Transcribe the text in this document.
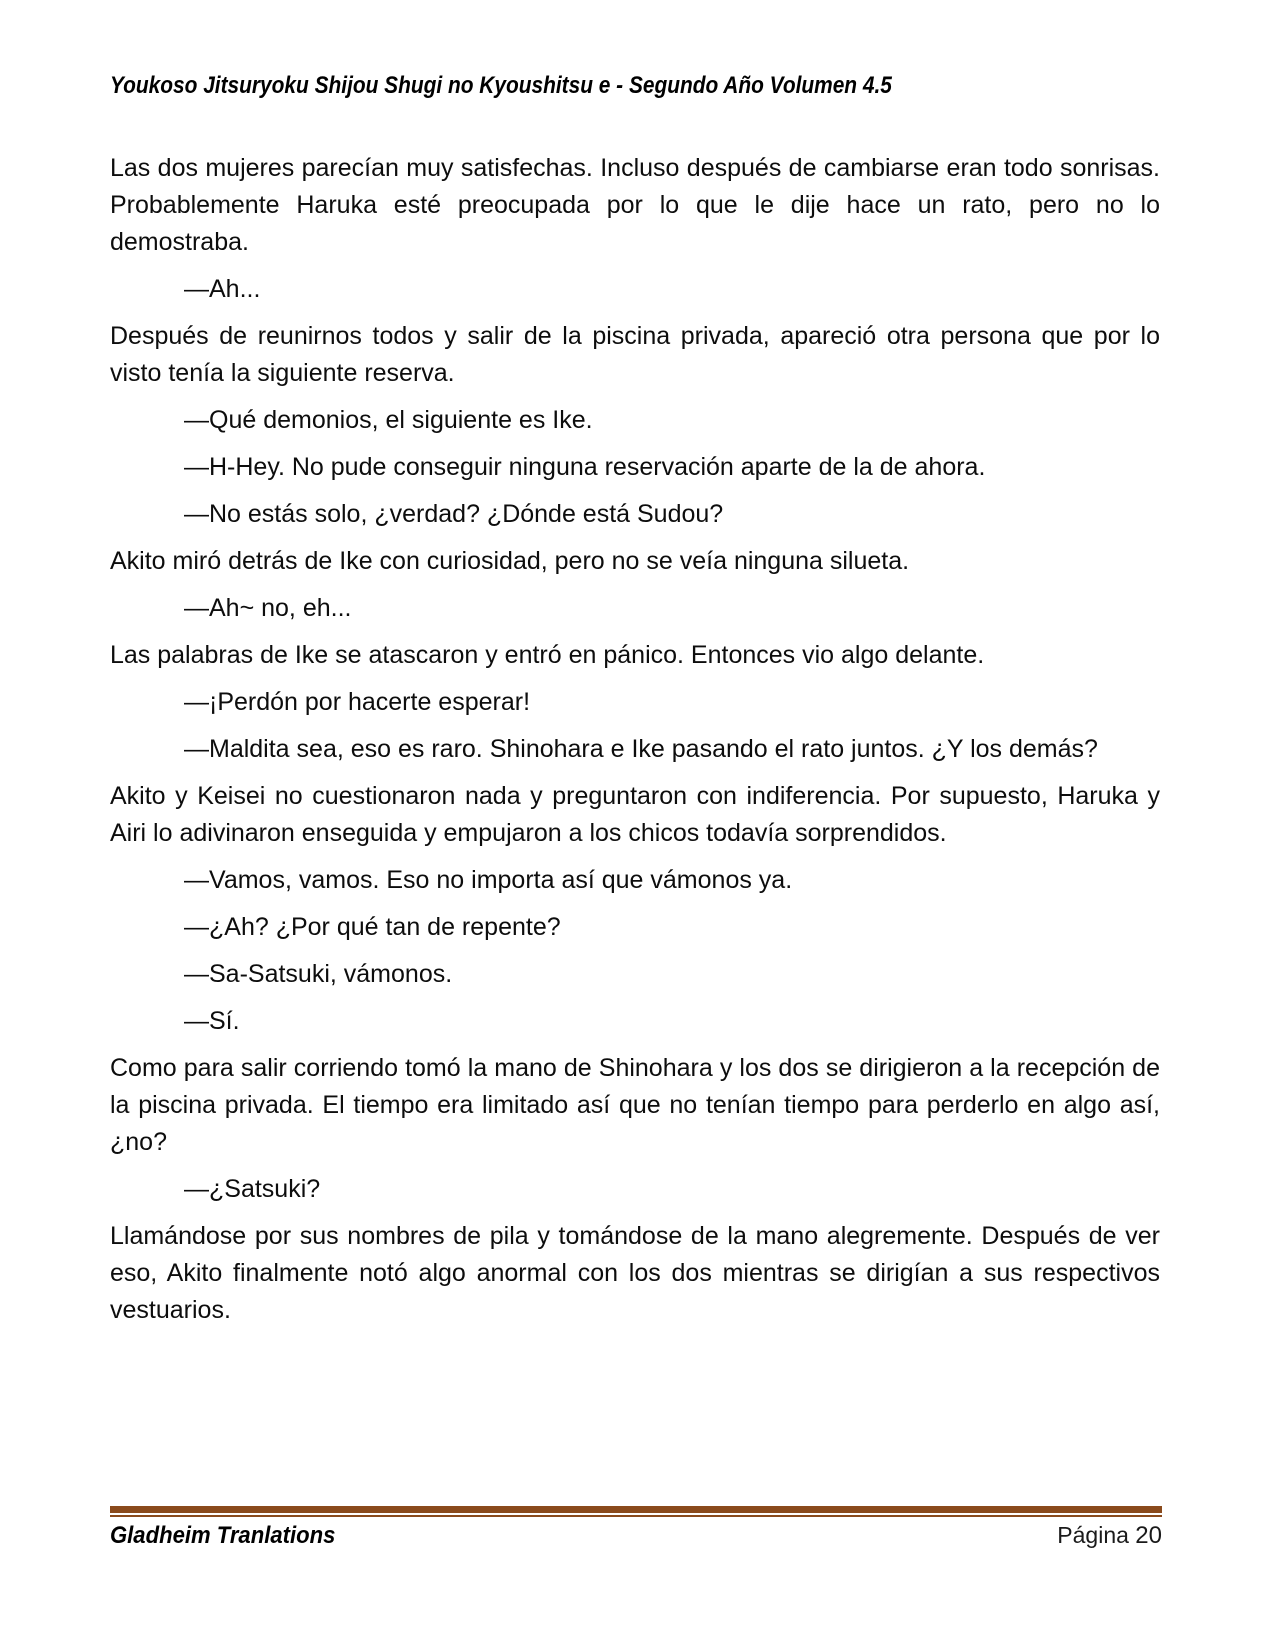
Youkoso Jitsuryoku Shijou Shugi no Kyoushitsu e - Segundo Año Volumen 4.5

Las dos mujeres parecían muy satisfechas. Incluso después de cambiarse eran todo sonrisas. Probablemente Haruka esté preocupada por lo que le dije hace un rato, pero no lo demostraba.

—Ah...

Después de reunirnos todos y salir de la piscina privada, apareció otra persona que por lo visto tenía la siguiente reserva.

—Qué demonios, el siguiente es Ike.

—H-Hey. No pude conseguir ninguna reservación aparte de la de ahora.

—No estás solo, ¿verdad? ¿Dónde está Sudou?

Akito miró detrás de Ike con curiosidad, pero no se veía ninguna silueta.

—Ah~ no, eh...

Las palabras de Ike se atascaron y entró en pánico. Entonces vio algo delante.

—¡Perdón por hacerte esperar!

—Maldita sea, eso es raro. Shinohara e Ike pasando el rato juntos. ¿Y los demás?

Akito y Keisei no cuestionaron nada y preguntaron con indiferencia. Por supuesto, Haruka y Airi lo adivinaron enseguida y empujaron a los chicos todavía sorprendidos.

—Vamos, vamos. Eso no importa así que vámonos ya.

—¿Ah? ¿Por qué tan de repente?

—Sa-Satsuki, vámonos.

—Sí.

Como para salir corriendo tomó la mano de Shinohara y los dos se dirigieron a la recepción de la piscina privada. El tiempo era limitado así que no tenían tiempo para perderlo en algo así, ¿no?

—¿Satsuki?

Llamándose por sus nombres de pila y tomándose de la mano alegremente. Después de ver eso, Akito finalmente notó algo anormal con los dos mientras se dirigían a sus respectivos vestuarios.

Gladheim Tranlations	Página 20
